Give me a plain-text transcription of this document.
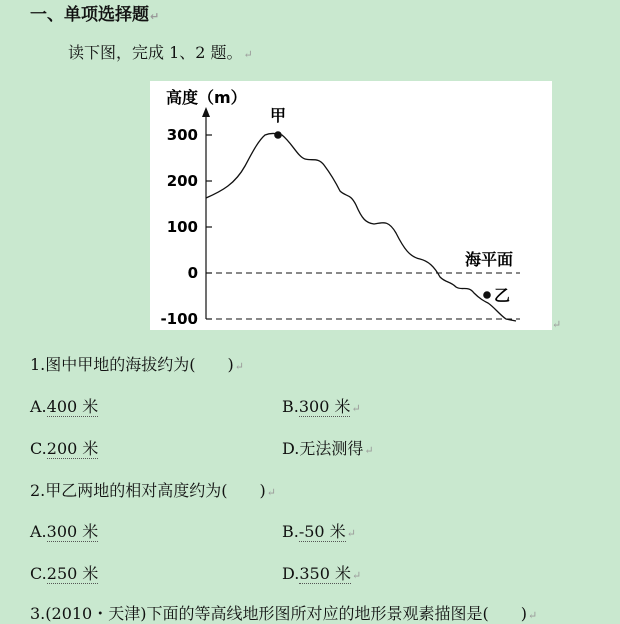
一、单项选择题↵
读下图，完成 1、2 题。↵
高度（m）
300
200
100
0
-100
甲
乙
海平面
↵
1.图中甲地的海拔约为(　　)↵
A.400 米	B.300 米↵
C.200 米	D.无法测得↵
2.甲乙两地的相对高度约为(　　)↵
A.300 米	B.-50 米↵
C.250 米	D.350 米↵
3.(2010・天津)下面的等高线地形图所对应的地形景观素描图是(　　)↵
